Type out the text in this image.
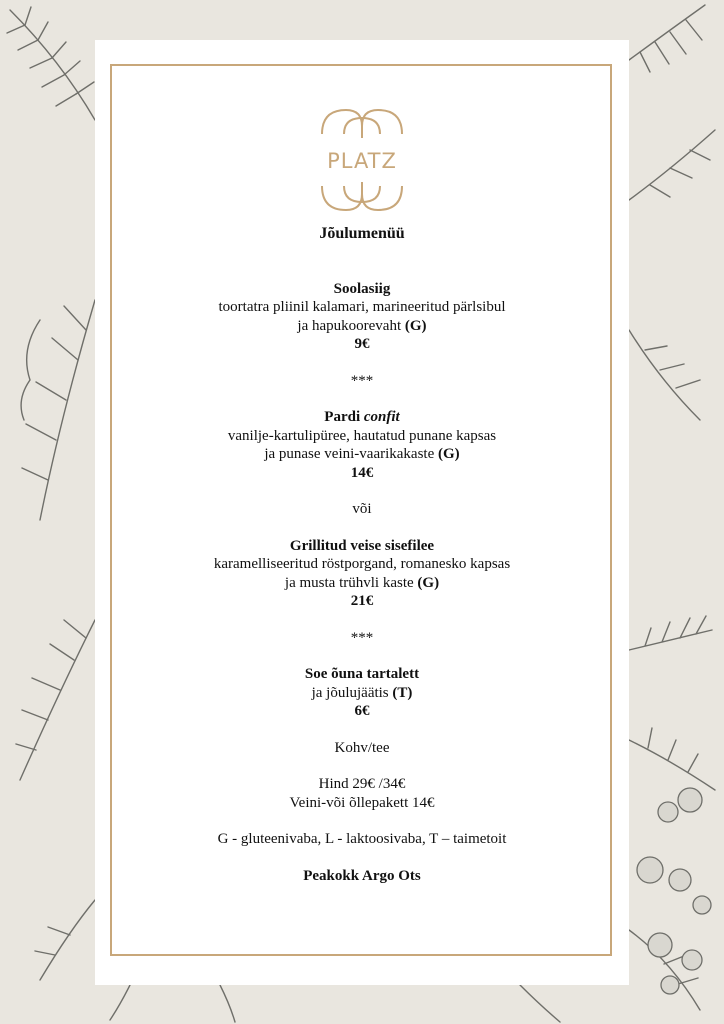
PLATZ
Jõulumenüü
Soolasiig
toortatra pliinil kalamari, marineeritud pärlsibul
ja hapukoorevaht (G)
9€
***
Pardi confit
vanilje-kartulipüree, hautatud punane kapsas
ja punase veini-vaarikakaste (G)
14€
või
Grillitud veise sisefilee
karamelliseeritud röstporgand, romanesko kapsas
ja musta trühvli kaste (G)
21€
***
Soe õuna tartalett
ja jõulujäätis (T)
6€
Kohv/tee
Hind 29€ /34€
Veini-või õllepakett 14€
G - gluteenivaba, L - laktoosivaba, T – taimetoit
Peakokk Argo Ots
